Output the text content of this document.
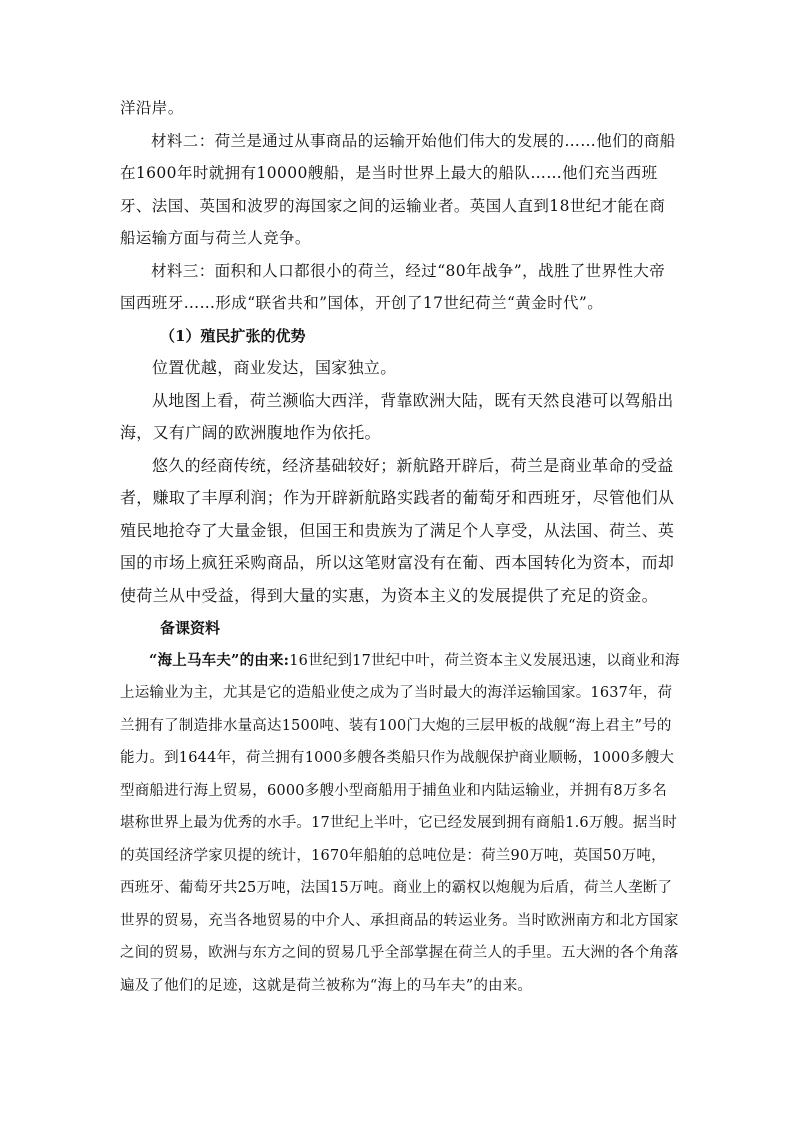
洋沿岸。

材料二：荷兰是通过从事商品的运输开始他们伟大的发展的……他们的商船在1600年时就拥有10000艘船，是当时世界上最大的船队……他们充当西班牙、法国、英国和波罗的海国家之间的运输业者。英国人直到18世纪才能在商船运输方面与荷兰人竞争。

材料三：面积和人口都很小的荷兰，经过“80年战争”，战胜了世界性大帝国西班牙……形成“联省共和”国体，开创了17世纪荷兰“黄金时代”。

（1）殖民扩张的优势

位置优越，商业发达，国家独立。

从地图上看，荷兰濒临大西洋，背靠欧洲大陆，既有天然良港可以驾船出海，又有广阔的欧洲腹地作为依托。

悠久的经商传统，经济基础较好；新航路开辟后，荷兰是商业革命的受益者，赚取了丰厚利润；作为开辟新航路实践者的葡萄牙和西班牙，尽管他们从殖民地抢夺了大量金银，但国王和贵族为了满足个人享受，从法国、荷兰、英国的市场上疯狂采购商品，所以这笔财富没有在葡、西本国转化为资本，而却使荷兰从中受益，得到大量的实惠，为资本主义的发展提供了充足的资金。

备课资料

“海上马车夫”的由来:16世纪到17世纪中叶，荷兰资本主义发展迅速，以商业和海上运输业为主，尤其是它的造船业使之成为了当时最大的海洋运输国家。1637年，荷兰拥有了制造排水量高达1500吨、装有100门大炮的三层甲板的战舰“海上君主”号的能力。到1644年，荷兰拥有1000多艘各类船只作为战舰保护商业顺畅，1000多艘大型商船进行海上贸易，6000多艘小型商船用于捕鱼业和内陆运输业，并拥有8万多名堪称世界上最为优秀的水手。17世纪上半叶，它已经发展到拥有商船1.6万艘。据当时的英国经济学家贝提的统计，1670年船舶的总吨位是：荷兰90万吨，英国50万吨，西班牙、葡萄牙共25万吨，法国15万吨。商业上的霸权以炮舰为后盾，荷兰人垄断了世界的贸易，充当各地贸易的中介人、承担商品的转运业务。当时欧洲南方和北方国家之间的贸易，欧洲与东方之间的贸易几乎全部掌握在荷兰人的手里。五大洲的各个角落遍及了他们的足迹，这就是荷兰被称为“海上的马车夫”的由来。
